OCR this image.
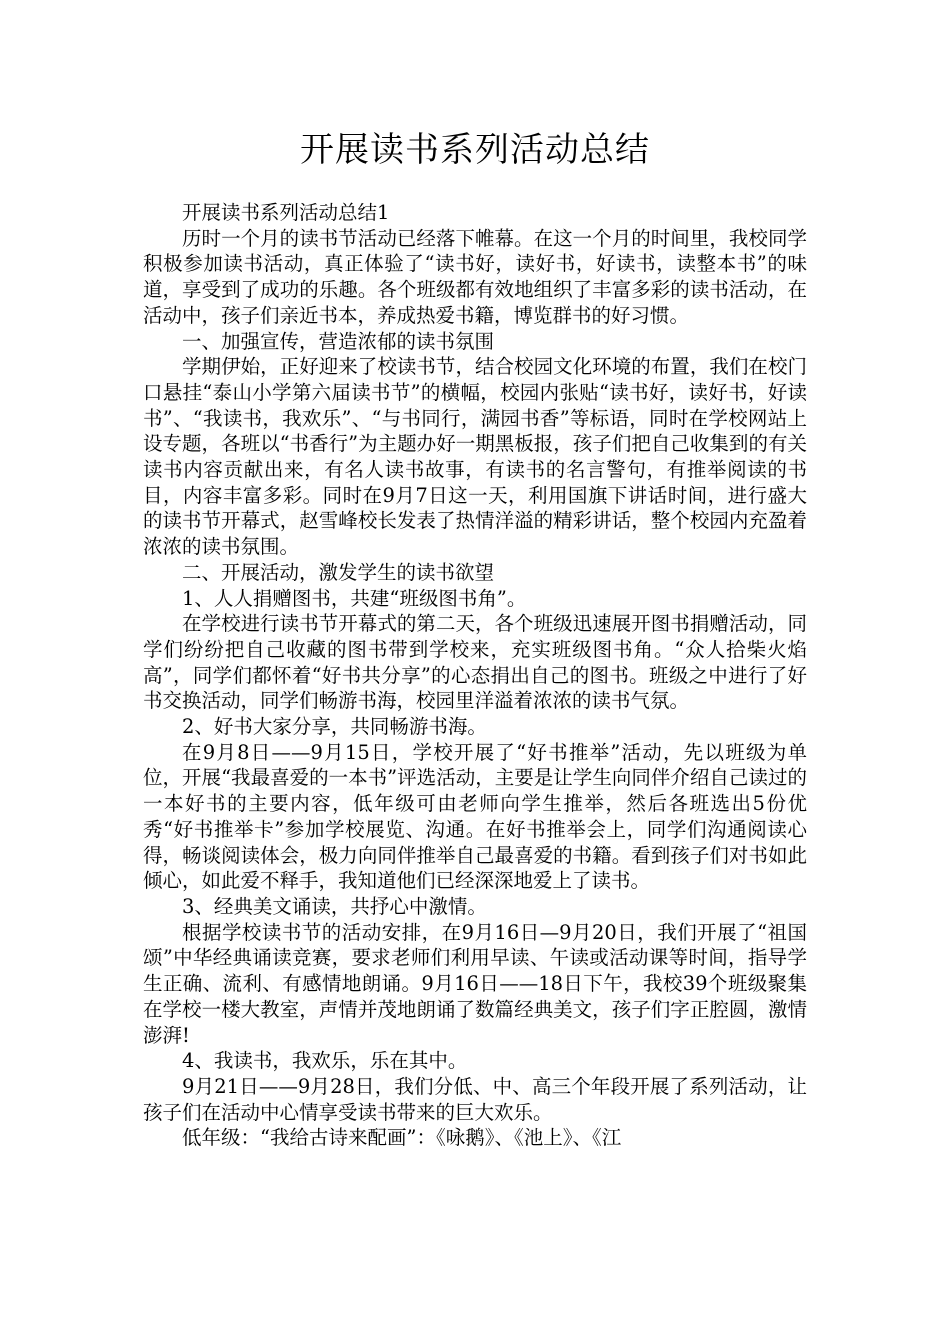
开展读书系列活动总结

开展读书系列活动总结1

历时一个月的读书节活动已经落下帷幕。在这一个月的时间里，我校同学积极参加读书活动，真正体验了“读书好，读好书，好读书，读整本书”的味道，享受到了成功的乐趣。各个班级都有效地组织了丰富多彩的读书活动，在活动中，孩子们亲近书本，养成热爱书籍，博览群书的好习惯。

一、加强宣传，营造浓郁的读书氛围

学期伊始，正好迎来了校读书节，结合校园文化环境的布置，我们在校门口悬挂“泰山小学第六届读书节”的横幅，校园内张贴“读书好，读好书，好读书”、“我读书，我欢乐”、“与书同行，满园书香”等标语，同时在学校网站上设专题，各班以“书香行”为主题办好一期黑板报，孩子们把自己收集到的有关读书内容贡献出来，有名人读书故事，有读书的名言警句，有推举阅读的书目，内容丰富多彩。同时在9月7日这一天，利用国旗下讲话时间，进行盛大的读书节开幕式，赵雪峰校长发表了热情洋溢的精彩讲话，整个校园内充盈着浓浓的读书氛围。

二、开展活动，激发学生的读书欲望

1、人人捐赠图书，共建“班级图书角”。

在学校进行读书节开幕式的第二天，各个班级迅速展开图书捐赠活动，同学们纷纷把自己收藏的图书带到学校来，充实班级图书角。“众人拾柴火焰高”，同学们都怀着“好书共分享”的心态捐出自己的图书。班级之中进行了好书交换活动，同学们畅游书海，校园里洋溢着浓浓的读书气氛。

2、好书大家分享，共同畅游书海。

在9月8日——9月15日，学校开展了“好书推举”活动，先以班级为单位，开展“我最喜爱的一本书”评选活动，主要是让学生向同伴介绍自己读过的一本好书的主要内容，低年级可由老师向学生推举，然后各班选出5份优秀“好书推举卡”参加学校展览、沟通。在好书推举会上，同学们沟通阅读心得，畅谈阅读体会，极力向同伴推举自己最喜爱的书籍。看到孩子们对书如此倾心，如此爱不释手，我知道他们已经深深地爱上了读书。

3、经典美文诵读，共抒心中激情。

根据学校读书节的活动安排，在9月16日—9月20日，我们开展了“祖国颂”中华经典诵读竞赛，要求老师们利用早读、午读或活动课等时间，指导学生正确、流利、有感情地朗诵。9月16日——18日下午，我校39个班级聚集在学校一楼大教室，声情并茂地朗诵了数篇经典美文，孩子们字正腔圆，激情澎湃!

4、我读书，我欢乐，乐在其中。

9月21日——9月28日，我们分低、中、高三个年段开展了系列活动，让孩子们在活动中心情享受读书带来的巨大欢乐。

低年级：“我给古诗来配画”：《咏鹅》、《池上》、《江
